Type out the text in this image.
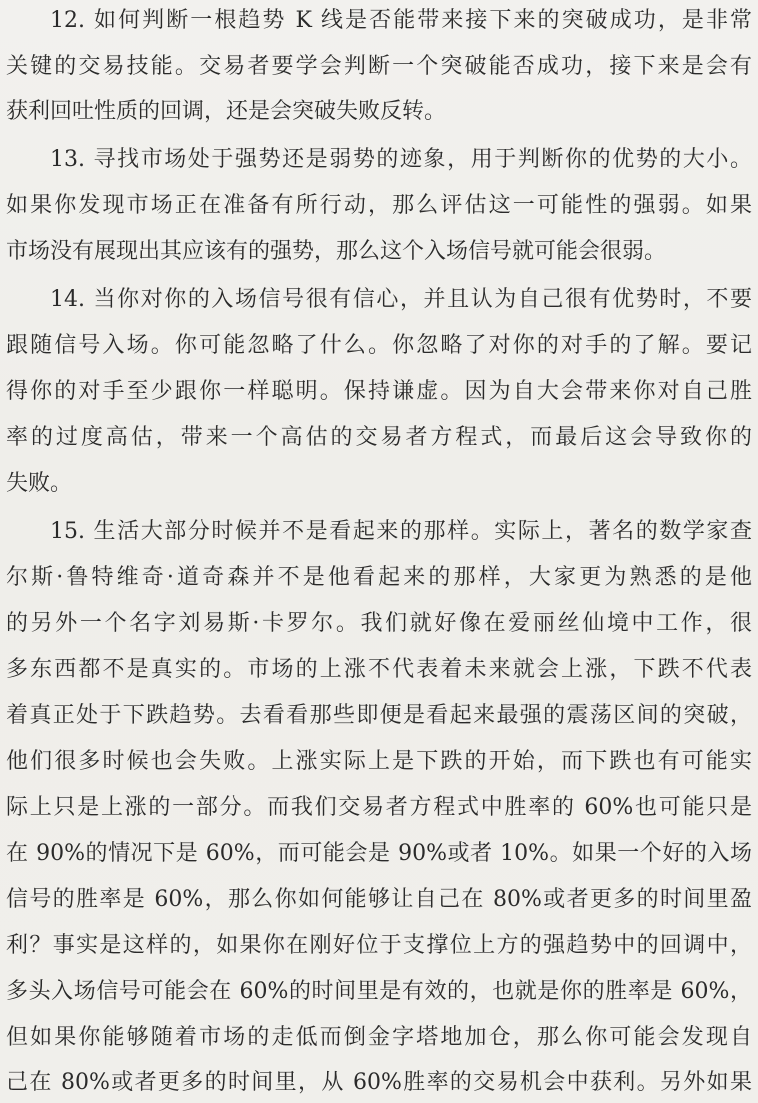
12. 如何判断一根趋势 K 线是否能带来接下来的突破成功，是非常
关键的交易技能。交易者要学会判断一个突破能否成功，接下来是会有
获利回吐性质的回调，还是会突破失败反转。
13. 寻找市场处于强势还是弱势的迹象，用于判断你的优势的大小。
如果你发现市场正在准备有所行动，那么评估这一可能性的强弱。如果
市场没有展现出其应该有的强势，那么这个入场信号就可能会很弱。
14. 当你对你的入场信号很有信心，并且认为自己很有优势时，不要
跟随信号入场。你可能忽略了什么。你忽略了对你的对手的了解。要记
得你的对手至少跟你一样聪明。保持谦虚。因为自大会带来你对自己胜
率的过度高估，带来一个高估的交易者方程式，而最后这会导致你的
失败。
15. 生活大部分时候并不是看起来的那样。实际上，著名的数学家查
尔斯·鲁特维奇·道奇森并不是他看起来的那样，大家更为熟悉的是他
的另外一个名字刘易斯·卡罗尔。我们就好像在爱丽丝仙境中工作，很
多东西都不是真实的。市场的上涨不代表着未来就会上涨，下跌不代表
着真正处于下跌趋势。去看看那些即便是看起来最强的震荡区间的突破，
他们很多时候也会失败。上涨实际上是下跌的开始，而下跌也有可能实
际上只是上涨的一部分。而我们交易者方程式中胜率的 60%也可能只是
在 90%的情况下是 60%，而可能会是 90%或者 10%。如果一个好的入场
信号的胜率是 60%，那么你如何能够让自己在 80%或者更多的时间里盈
利？事实是这样的，如果你在刚好位于支撑位上方的强趋势中的回调中，
多头入场信号可能会在 60%的时间里是有效的，也就是你的胜率是 60%，
但如果你能够随着市场的走低而倒金字塔地加仓，那么你可能会发现自
己在 80%或者更多的时间里，从 60%胜率的交易机会中获利。另外如果
